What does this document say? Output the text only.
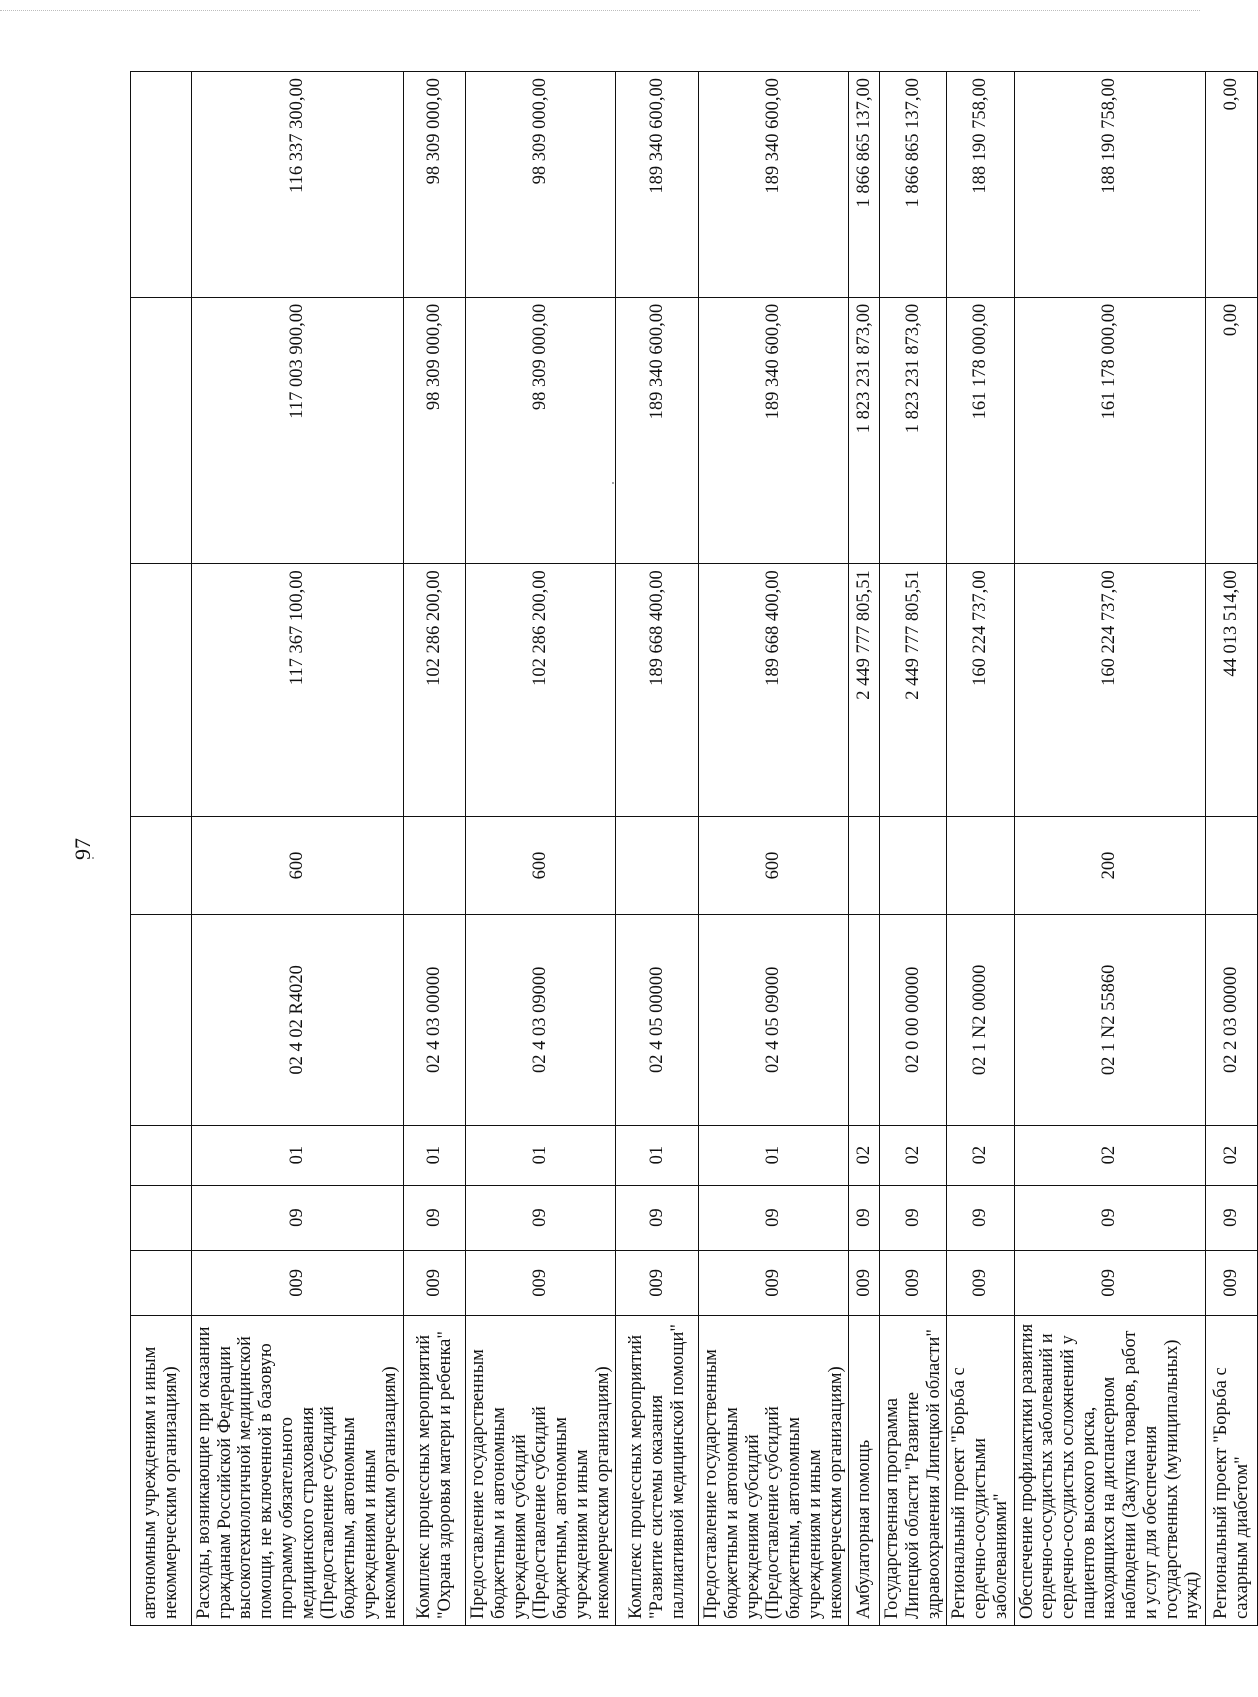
97
автономным учреждениям и иным некоммерческим организациям)								
Расходы, возникающие при оказании гражданам Российской Федерации высокотехнологичной медицинской помощи, не включенной в базовую программу обязательного медицинского страхования (Предоставление субсидий бюджетным, автономным учреждениям и иным некоммерческим организациям)	009	09	01	02 4 02 R4020	600	117 367 100,00	117 003 900,00	116 337 300,00
Комплекс процессных мероприятий "Охрана здоровья матери и ребенка"	009	09	01	02 4 03 00000		102 286 200,00	98 309 000,00	98 309 000,00
Предоставление государственным бюджетным и автономным учреждениям субсидий (Предоставление субсидий бюджетным, автономным учреждениям и иным некоммерческим организациям)	009	09	01	02 4 03 09000	600	102 286 200,00	98 309 000,00	98 309 000,00
Комплекс процессных мероприятий "Развитие системы оказания паллиативной медицинской помощи"	009	09	01	02 4 05 00000		189 668 400,00	189 340 600,00	189 340 600,00
Предоставление государственным бюджетным и автономным учреждениям субсидий (Предоставление субсидий бюджетным, автономным учреждениям и иным некоммерческим организациям)	009	09	01	02 4 05 09000	600	189 668 400,00	189 340 600,00	189 340 600,00
Амбулаторная помощь	009	09	02			2 449 777 805,51	1 823 231 873,00	1 866 865 137,00
Государственная программа Липецкой области "Развитие здравоохранения Липецкой области"	009	09	02	02 0 00 00000		2 449 777 805,51	1 823 231 873,00	1 866 865 137,00
Региональный проект "Борьба с сердечно-сосудистыми заболеваниями"	009	09	02	02 1 N2 00000		160 224 737,00	161 178 000,00	188 190 758,00
Обеспечение профилактики развития сердечно-сосудистых заболеваний и сердечно-сосудистых осложнений у пациентов высокого риска, находящихся на диспансерном наблюдении (Закупка товаров, работ и услуг для обеспечения государственных (муниципальных) нужд)	009	09	02	02 1 N2 55860	200	160 224 737,00	161 178 000,00	188 190 758,00
Региональный проект "Борьба с сахарным диабетом"	009	09	02	02 2 03 00000		44 013 514,00	0,00	0,00
